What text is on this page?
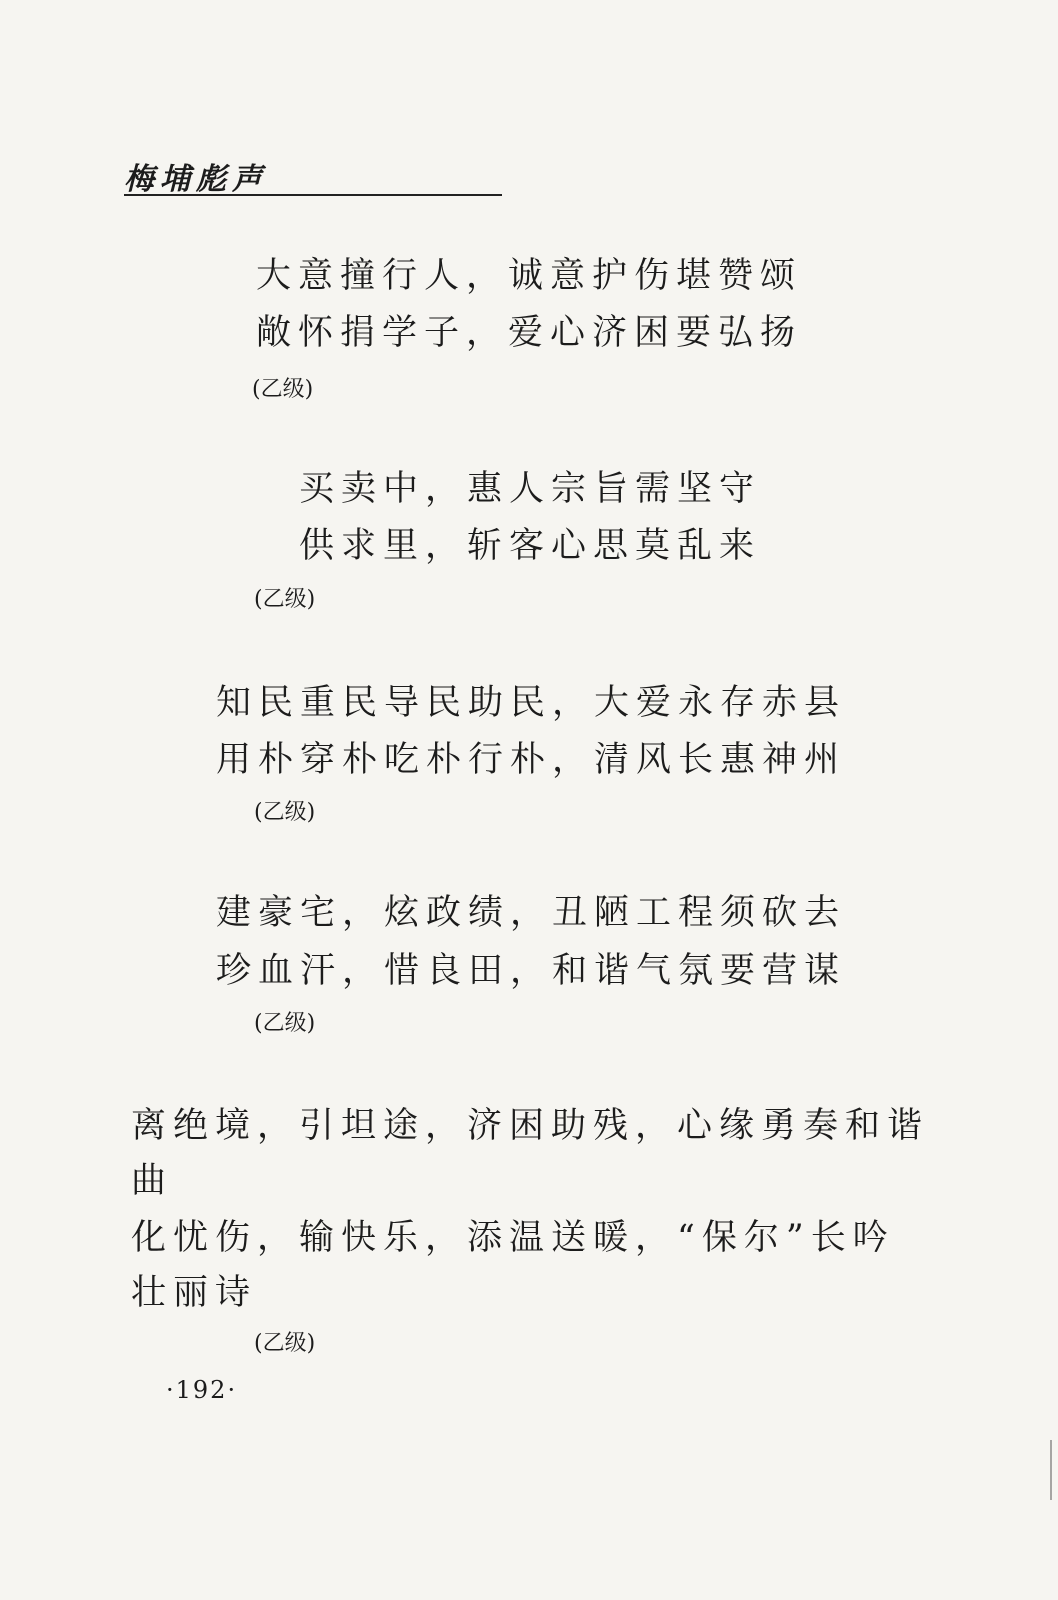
梅埔彪声
大意撞行人，诚意护伤堪赞颂
敞怀捐学子，爱心济困要弘扬
(乙级)
买卖中，惠人宗旨需坚守
供求里，斩客心思莫乱来
(乙级)
知民重民导民助民，大爱永存赤县
用朴穿朴吃朴行朴，清风长惠神州
(乙级)
建豪宅，炫政绩，丑陋工程须砍去
珍血汗，惜良田，和谐气氛要营谋
(乙级)
离绝境，引坦途，济困助残，心缘勇奏和谐
曲
化忧伤，输快乐，添温送暖，“保尔”长吟
壮丽诗
(乙级)
·192·
